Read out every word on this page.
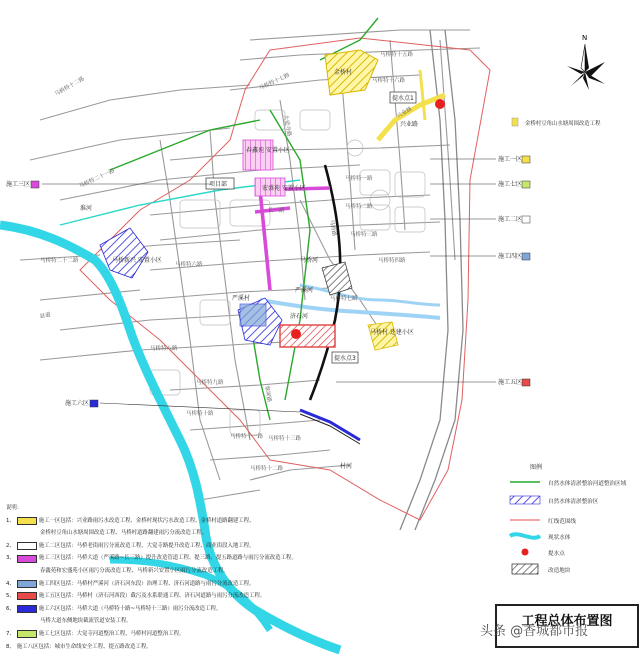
N
马桥特十五路
马桥特十六路
马桥特十二路
马桥特一路
马桥特二路
马桥特三路
马桥特四路
马桥特六路
马桥特七路
马桥特八路
马桥特九路
马桥特十路
马桥特十一路
马桥特十二路
马桥特十三路
马桥特二十一路
马桥特二十二路
马桥特十七路
大觉寺路
长三路
县道
兴业路
翠屏路
马桥路
金桥村
项目部
春鑫苑 安置小区
宏盛苑 安置小区
马桥新兴 安置小区
严溪村
严溪河
济石河
马桥河
村河
淮河
马桥村 还建小区
提水点1
提水点3
兴业路	金桥村豆角山水塘周围改造工程
施工一区
施工七区
施工二区
施工四区
施工五区
施工三区
施工六区
图例
自然水体清淤整治河道整治区域
自然水体清淤整治区
红线范围线
现状水体
提水点
改造地块
说明：
1、	施工一区包括：兴业路雨污水改造工程、金桥村现状污水改造工程、金桥村道路翻建工程、
金桥村豆角山水塘周围改造工程、马桥村道路翻建雨污分流改造工程。
2、	施工二区包括：马桥老街雨污分流改造工程、大觉寺路提升改造工程、商业街段入地工程。
3、	施工三区包括：马桥大道（严溪路~长三路）提升改造管道工程、提三路、提五路道路与雨污分流改造工程。
春鑫苑和宏盛苑小区雨污分流改造工程、马桥新兴安置小区雨污分流改造工程。
4、	施工四区包括：马桥村严溪河（济石河东段）治理工程、济石河道路与雨污分流改造工程。
5、	施工五区包括：马桥村（济石河西段）截污及水系联通工程、济石河道路与雨污分流改造工程。
6、	施工六区包括：马桥大道（马桥特十路~马桥特十三路）雨污分流改造工程。
马桥大道东侧地块截流管道安装工程。
7、	施工七区包括：大觉寺河道整治工程、马桥村河道整治工程。
8、 施工八区包括：城市生命线安全工程、提五路改造工程。
工程总体布置图
头条 @香城都市报
